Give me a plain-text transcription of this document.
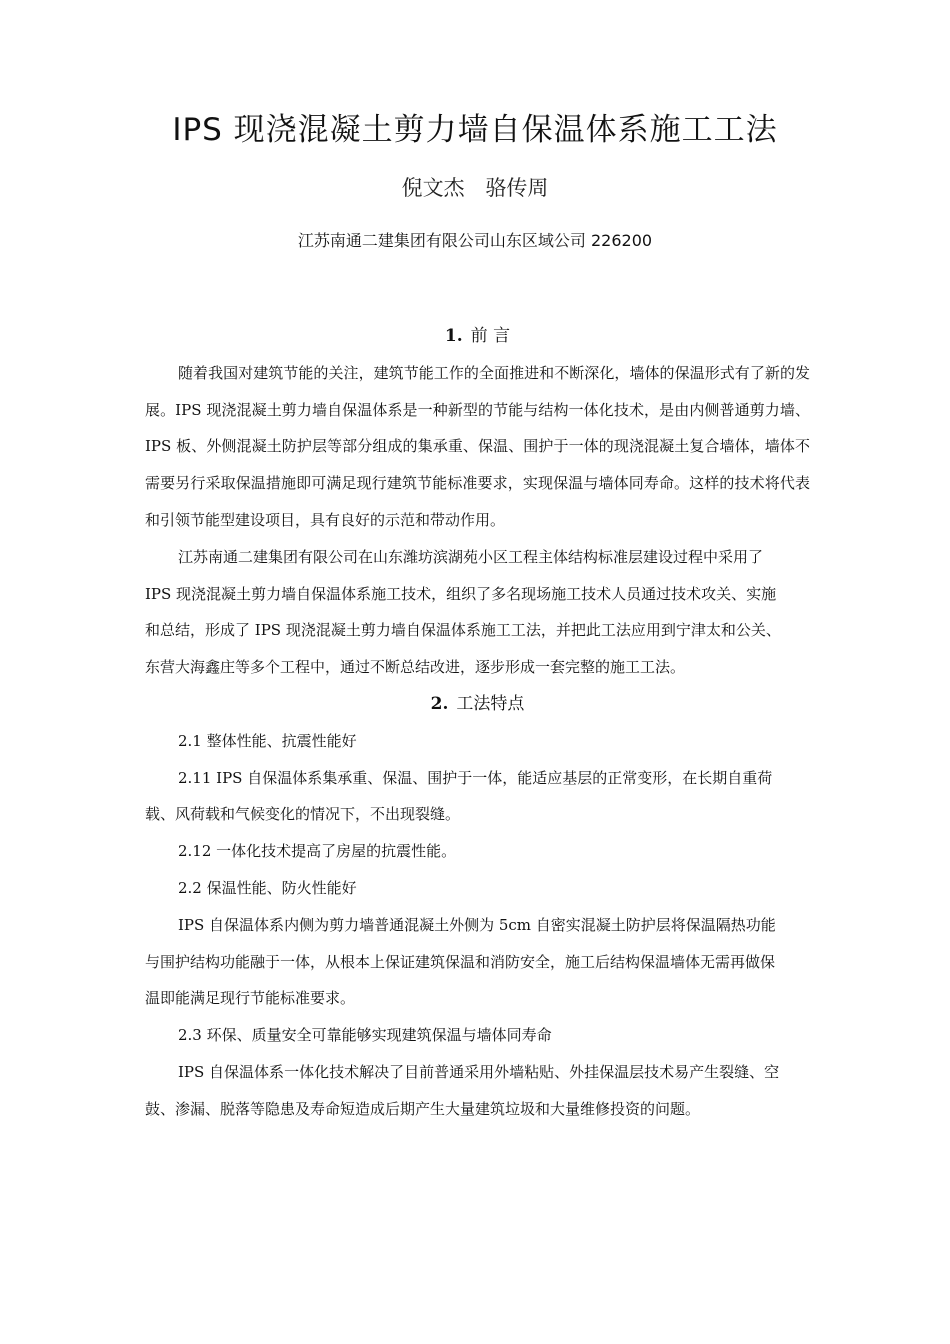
IPS 现浇混凝土剪力墙自保温体系施工工法
倪文杰 骆传周
江苏南通二建集团有限公司山东区域公司 226200

1. 前 言

随着我国对建筑节能的关注，建筑节能工作的全面推进和不断深化，墙体的保温形式有了新的发展。IPS 现浇混凝土剪力墙自保温体系是一种新型的节能与结构一体化技术，是由内侧普通剪力墙、IPS 板、外侧混凝土防护层等部分组成的集承重、保温、围护于一体的现浇混凝土复合墙体，墙体不需要另行采取保温措施即可满足现行建筑节能标准要求，实现保温与墙体同寿命。这样的技术将代表和引领节能型建设项目，具有良好的示范和带动作用。

江苏南通二建集团有限公司在山东潍坊滨湖苑小区工程主体结构标准层建设过程中采用了 IPS 现浇混凝土剪力墙自保温体系施工技术，组织了多名现场施工技术人员通过技术攻关、实施和总结，形成了 IPS 现浇混凝土剪力墙自保温体系施工工法，并把此工法应用到宁津太和公关、东营大海鑫庄等多个工程中，通过不断总结改进，逐步形成一套完整的施工工法。

2. 工法特点

2.1 整体性能、抗震性能好

2.11 IPS 自保温体系集承重、保温、围护于一体，能适应基层的正常变形，在长期自重荷载、风荷载和气候变化的情况下，不出现裂缝。

2.12 一体化技术提高了房屋的抗震性能。

2.2 保温性能、防火性能好

IPS 自保温体系内侧为剪力墙普通混凝土外侧为 5cm 自密实混凝土防护层将保温隔热功能与围护结构功能融于一体，从根本上保证建筑保温和消防安全，施工后结构保温墙体无需再做保温即能满足现行节能标准要求。

2.3 环保、质量安全可靠能够实现建筑保温与墙体同寿命

IPS 自保温体系一体化技术解决了目前普通采用外墙粘贴、外挂保温层技术易产生裂缝、空鼓、渗漏、脱落等隐患及寿命短造成后期产生大量建筑垃圾和大量维修投资的问题。
